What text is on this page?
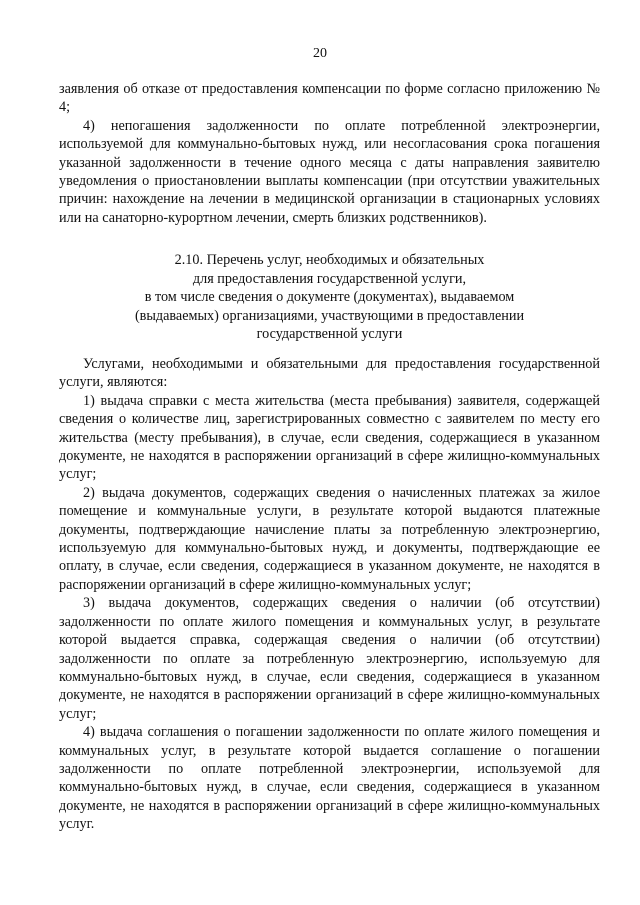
20

заявления об отказе от предоставления компенсации по форме согласно приложению № 4;

4) непогашения задолженности по оплате потребленной электроэнергии, используемой для коммунально-бытовых нужд, или несогласования срока погашения указанной задолженности в течение одного месяца с даты направления заявителю уведомления о приостановлении выплаты компенсации (при отсутствии уважительных причин: нахождение на лечении в медицинской организации в стационарных условиях или на санаторно-курортном лечении, смерть близких родственников).

2.10. Перечень услуг, необходимых и обязательных
для предоставления государственной услуги,
в том числе сведения о документе (документах), выдаваемом
(выдаваемых) организациями, участвующими в предоставлении
государственной услуги

Услугами, необходимыми и обязательными для предоставления государственной услуги, являются:

1) выдача справки с места жительства (места пребывания) заявителя, содержащей сведения о количестве лиц, зарегистрированных совместно с заявителем по месту его жительства (месту пребывания), в случае, если сведения, содержащиеся в указанном документе, не находятся в распоряжении организаций в сфере жилищно-коммунальных услуг;

2) выдача документов, содержащих сведения о начисленных платежах за жилое помещение и коммунальные услуги, в результате которой выдаются платежные документы, подтверждающие начисление платы за потребленную электроэнергию, используемую для коммунально-бытовых нужд, и документы, подтверждающие ее оплату, в случае, если сведения, содержащиеся в указанном документе, не находятся в распоряжении организаций в сфере жилищно-коммунальных услуг;

3) выдача документов, содержащих сведения о наличии (об отсутствии) задолженности по оплате жилого помещения и коммунальных услуг, в результате которой выдается справка, содержащая сведения о наличии (об отсутствии) задолженности по оплате за потребленную электроэнергию, используемую для коммунально-бытовых нужд, в случае, если сведения, содержащиеся в указанном документе, не находятся в распоряжении организаций в сфере жилищно-коммунальных услуг;

4) выдача соглашения о погашении задолженности по оплате жилого помещения и коммунальных услуг, в результате которой выдается соглашение о погашении задолженности по оплате потребленной электроэнергии, используемой для коммунально-бытовых нужд, в случае, если сведения, содержащиеся в указанном документе, не находятся в распоряжении организаций в сфере жилищно-коммунальных услуг.
